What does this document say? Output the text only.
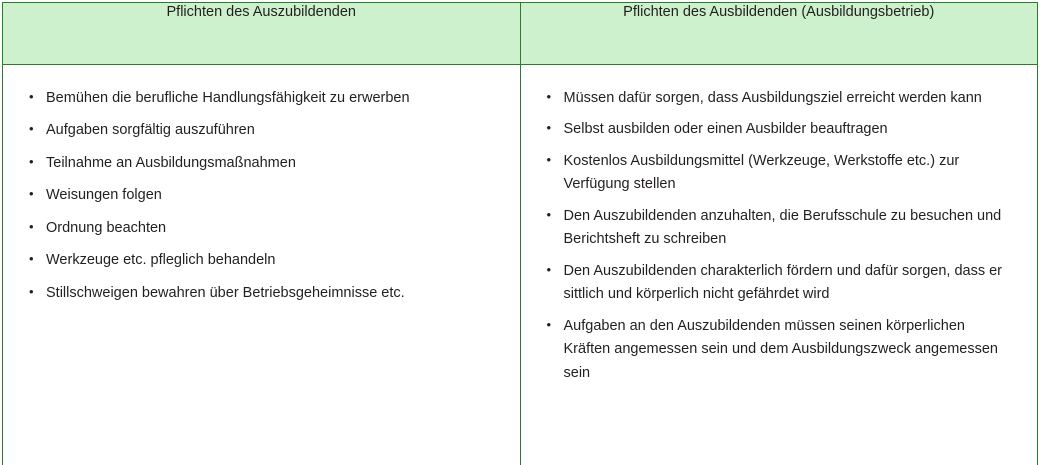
Pflichten des Auszubildenden	Pflichten des Ausbildenden (Ausbildungsbetrieb)

• Bemühen die berufliche Handlungsfähigkeit zu erwerben
• Aufgaben sorgfältig auszuführen
• Teilnahme an Ausbildungsmaßnahmen
• Weisungen folgen
• Ordnung beachten
• Werkzeuge etc. pfleglich behandeln
• Stillschweigen bewahren über Betriebsgeheimnisse etc.

• Müssen dafür sorgen, dass Ausbildungsziel erreicht werden kann
• Selbst ausbilden oder einen Ausbilder beauftragen
• Kostenlos Ausbildungsmittel (Werkzeuge, Werkstoffe etc.) zur Verfügung stellen
• Den Auszubildenden anzuhalten, die Berufsschule zu besuchen und Berichtsheft zu schreiben
• Den Auszubildenden charakterlich fördern und dafür sorgen, dass er sittlich und körperlich nicht gefährdet wird
• Aufgaben an den Auszubildenden müssen seinen körperlichen Kräften angemessen sein und dem Ausbildungszweck angemessen sein
